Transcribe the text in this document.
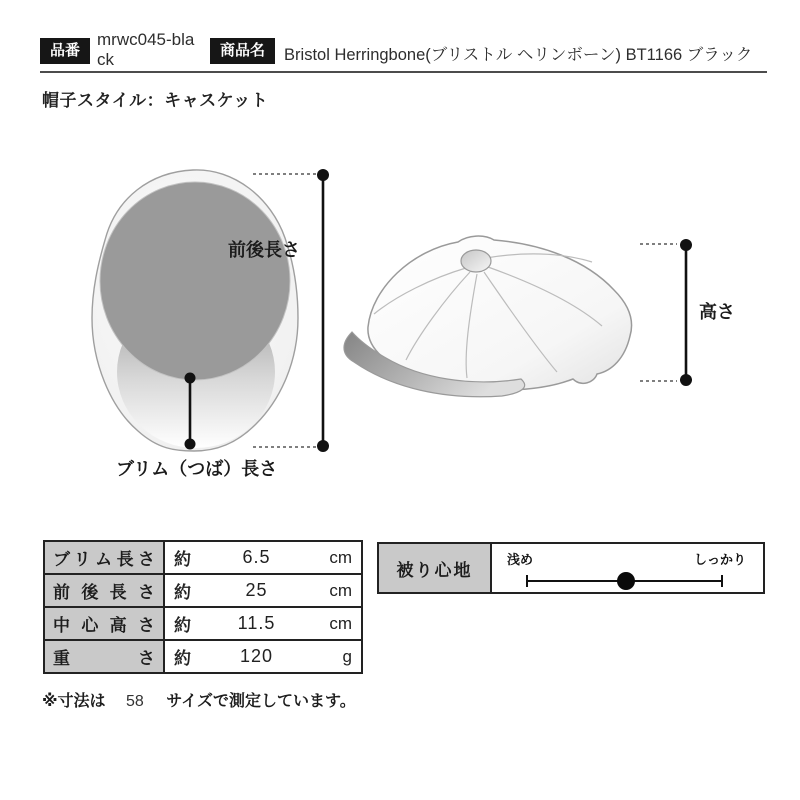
品番
mrwc045-black	商品名	Bristol Herringbone(ブリストル ヘリンボーン) BT1166 ブラック
帽子スタイル：キャスケット
前後長さ
ブリム（つば）長さ
高さ
ブリム長さ	約 6.5 cm

前後長さ	約 25 cm

中心高さ	約 11.5 cm

重さ	約 120 g
被り心地
浅め	しっかり
※寸法は 58 サイズで測定しています。
